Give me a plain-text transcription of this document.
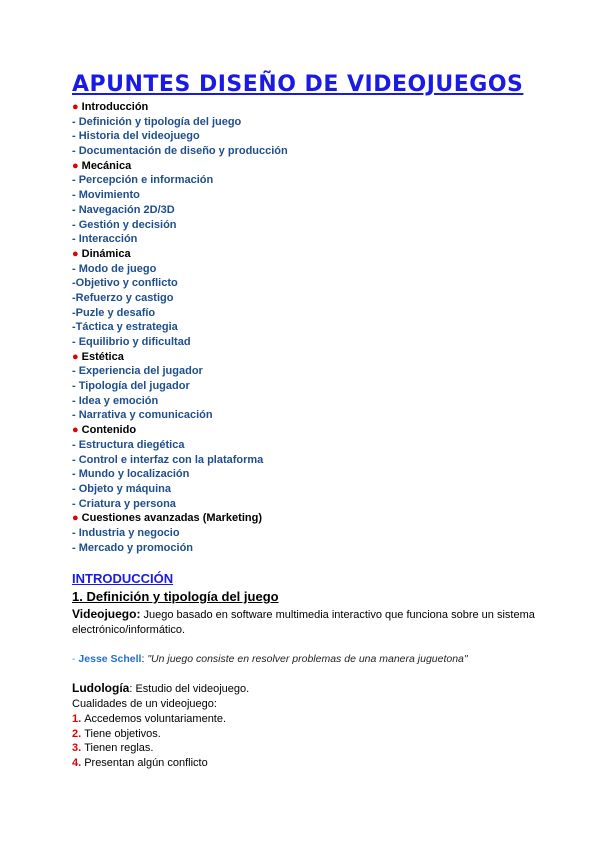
APUNTES DISEÑO DE VIDEOJUEGOS
● Introducción
- Definición y tipología del juego
- Historia del videojuego
- Documentación de diseño y producción
● Mecánica
- Percepción e información
- Movimiento
- Navegación 2D/3D
- Gestión y decisión
- Interacción
● Dinámica
- Modo de juego
-Objetivo y conflicto
-Refuerzo y castigo
-Puzle y desafío
-Táctica y estrategia
- Equilibrio y dificultad
● Estética
- Experiencia del jugador
- Tipología del jugador
- Idea y emoción
- Narrativa y comunicación
● Contenido
- Estructura diegética
- Control e interfaz con la plataforma
- Mundo y localización
- Objeto y máquina
- Criatura y persona
● Cuestiones avanzadas (Marketing)
- Industria y negocio
- Mercado y promoción
INTRODUCCIÓN
1. Definición y tipología del juego

Videojuego: Juego basado en software multimedia interactivo que funciona sobre un sistema electrónico/informático.

- Jesse Schell: "Un juego consiste en resolver problemas de una manera juguetona"

Ludología: Estudio del videojuego.

Cualidades de un videojuego:

1. Accedemos voluntariamente.
2. Tiene objetivos.
3. Tienen reglas.
4. Presentan algún conflicto
